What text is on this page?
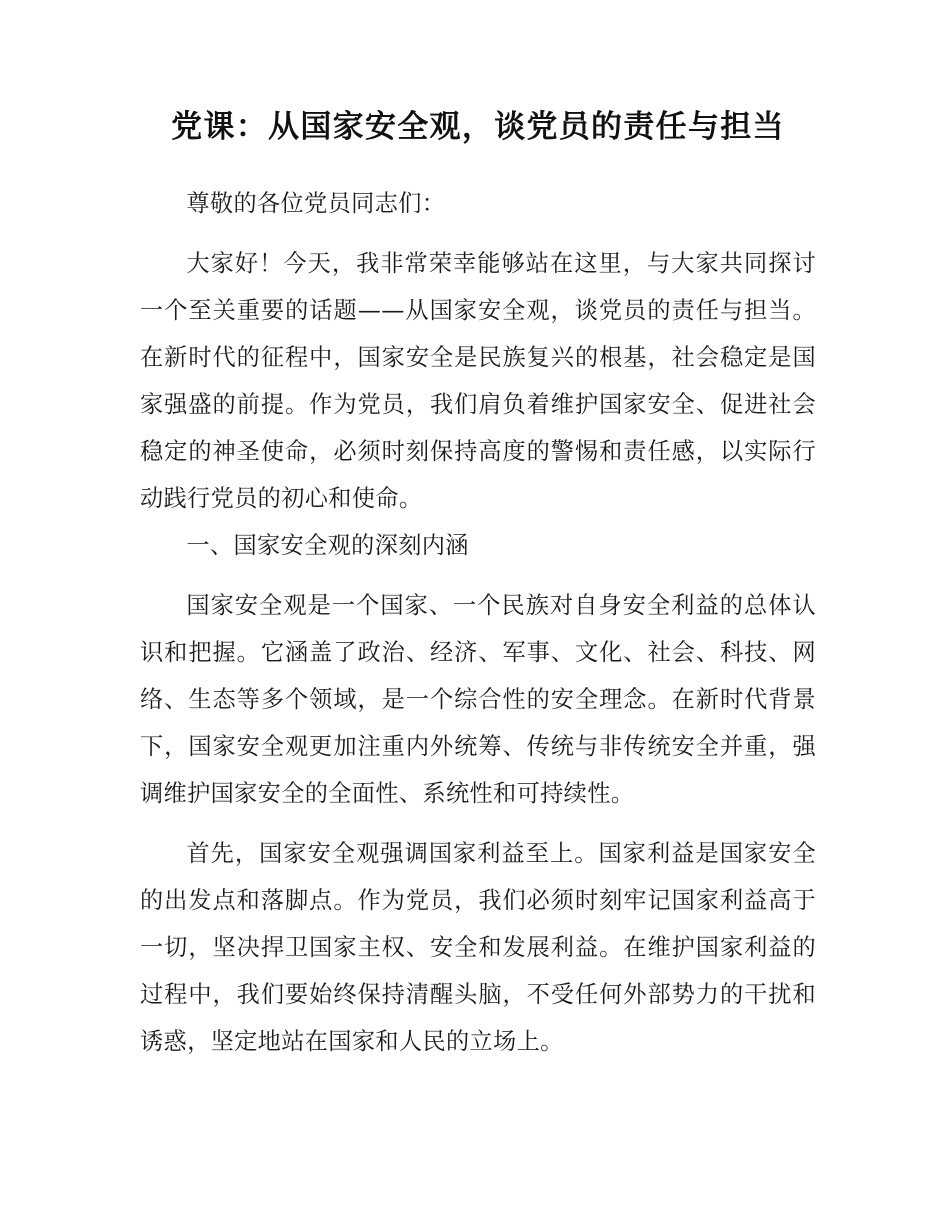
党课：从国家安全观，谈党员的责任与担当

尊敬的各位党员同志们：

大家好！今天，我非常荣幸能够站在这里，与大家共同探讨一个至关重要的话题——从国家安全观，谈党员的责任与担当。在新时代的征程中，国家安全是民族复兴的根基，社会稳定是国家强盛的前提。作为党员，我们肩负着维护国家安全、促进社会稳定的神圣使命，必须时刻保持高度的警惕和责任感，以实际行动践行党员的初心和使命。

一、国家安全观的深刻内涵

国家安全观是一个国家、一个民族对自身安全利益的总体认识和把握。它涵盖了政治、经济、军事、文化、社会、科技、网络、生态等多个领域，是一个综合性的安全理念。在新时代背景下，国家安全观更加注重内外统筹、传统与非传统安全并重，强调维护国家安全的全面性、系统性和可持续性。

首先，国家安全观强调国家利益至上。国家利益是国家安全的出发点和落脚点。作为党员，我们必须时刻牢记国家利益高于一切，坚决捍卫国家主权、安全和发展利益。在维护国家利益的过程中，我们要始终保持清醒头脑，不受任何外部势力的干扰和诱惑，坚定地站在国家和人民的立场上。
